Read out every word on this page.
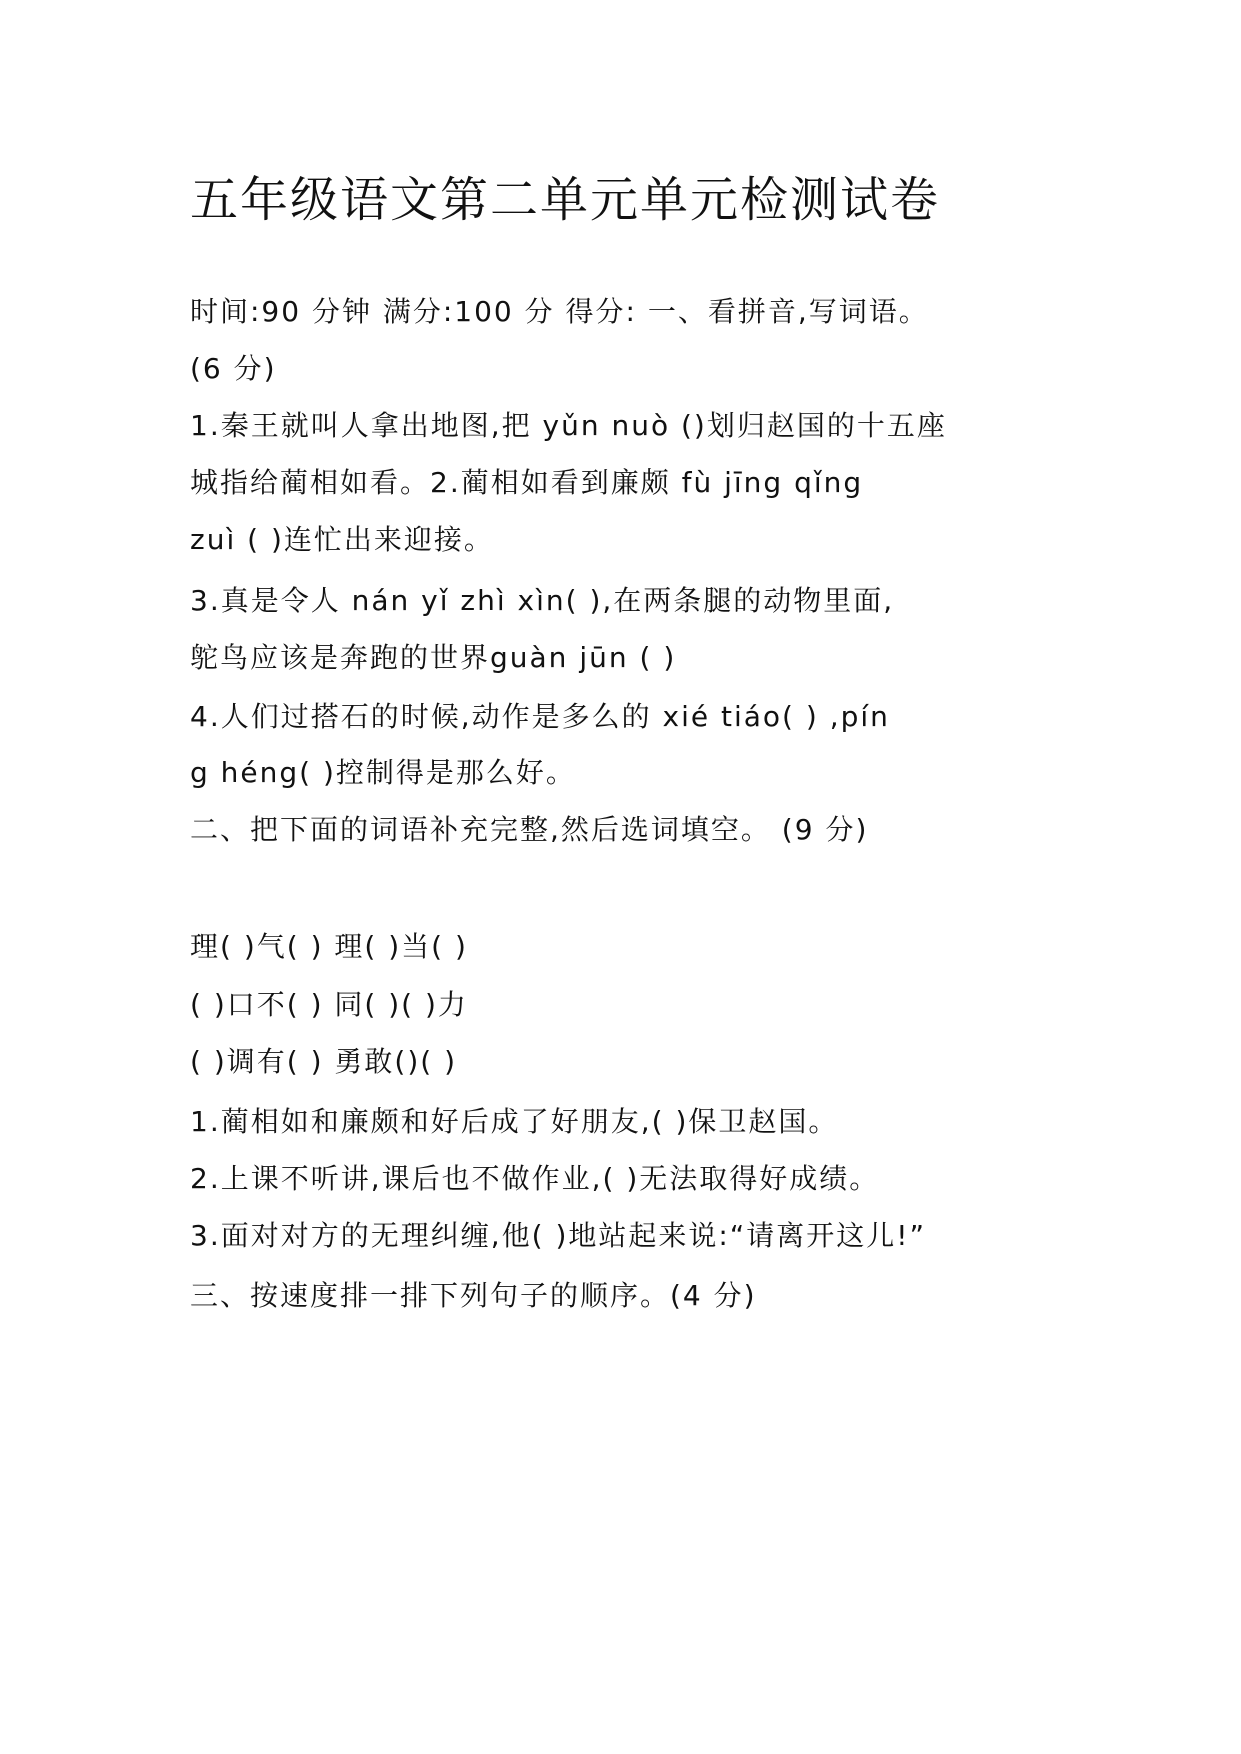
五年级语文第二单元单元检测试卷
时间:90 分钟 满分:100 分 得分: 一、看拼音,写词语。
(6 分)
1.秦王就叫人拿出地图,把 yǔn nuò ()划归赵国的十五座
城指给蔺相如看。2.蔺相如看到廉颇 fù jīng qǐng
zuì ( )连忙出来迎接。
3.真是令人 nán yǐ zhì xìn( ),在两条腿的动物里面,
鸵鸟应该是奔跑的世界guàn jūn ( )
4.人们过搭石的时候,动作是多么的 xié tiáo( ) ,pín
g héng( )控制得是那么好。
二、把下面的词语补充完整,然后选词填空。 (9 分)
理( )气( ) 理( )当( )
( )口不( ) 同( )( )力
( )调有( ) 勇敢()( )
1.蔺相如和廉颇和好后成了好朋友,( )保卫赵国。
2.上课不听讲,课后也不做作业,( )无法取得好成绩。
3.面对对方的无理纠缠,他( )地站起来说:“请离开这儿!”
三、按速度排一排下列句子的顺序。(4 分)
